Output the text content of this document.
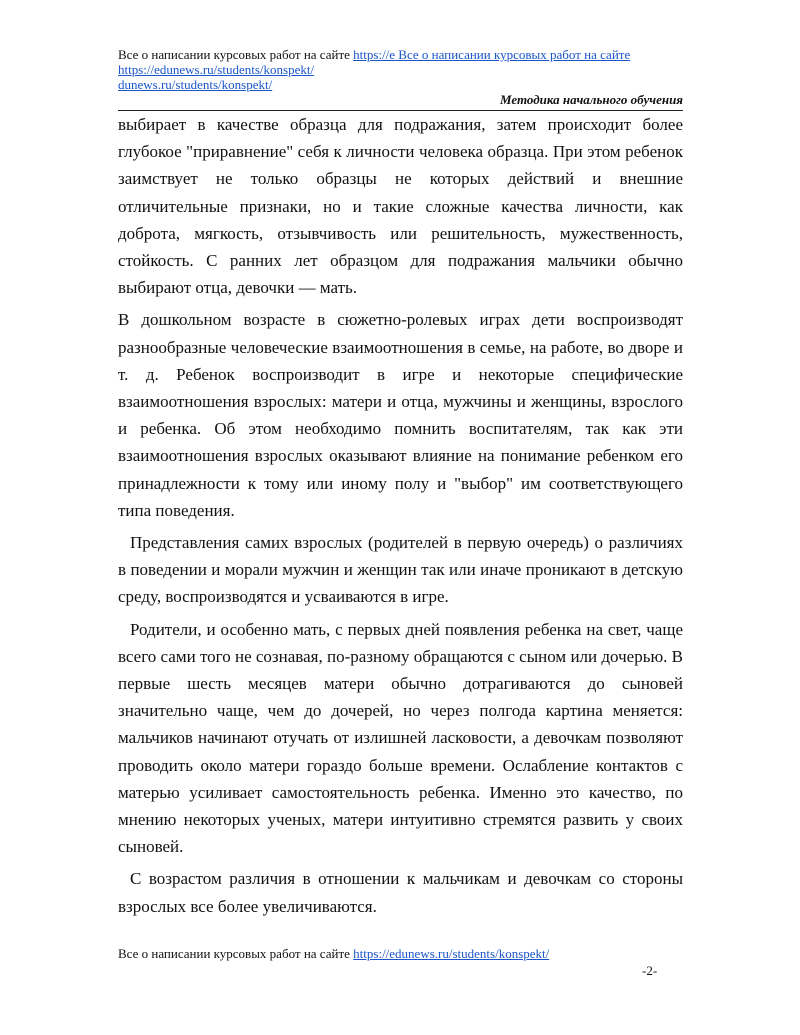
Все о написании курсовых работ на сайте https://e Все о написании курсовых работ на сайте
https://edunews.ru/students/konspekt/
dunews.ru/students/konspekt/
Методика начального обучения

выбирает в качестве образца для подражания, затем происходит более глубокое "приравнение" себя к личности человека образца. При этом ребенок заимствует не только образцы не которых действий и внешние отличительные признаки, но и такие сложные качества личности, как доброта, мягкость, отзывчивость или решительность, мужественность, стойкость. С ранних лет образцом для подражания мальчики обычно выбирают отца, девочки — мать.

В дошкольном возрасте в сюжетно-ролевых играх дети воспроизводят разнообразные человеческие взаимоотношения в семье, на работе, во дворе и т. д. Ребенок воспроизводит в игре и некоторые специфические взаимоотношения взрослых: матери и отца, мужчины и женщины, взрослого и ребенка. Об этом необходимо помнить воспитателям, так как эти взаимоотношения взрослых оказывают влияние на понимание ребенком его принадлежности к тому или иному полу и "выбор" им соответствующего типа поведения.

Представления самих взрослых (родителей в первую очередь) о различиях в поведении и морали мужчин и женщин так или иначе проникают в детскую среду, воспроизводятся и усваиваются в игре.

Родители, и особенно мать, с первых дней появления ребенка на свет, чаще всего сами того не сознавая, по-разному обращаются с сыном или дочерью. В первые шесть месяцев матери обычно дотрагиваются до сыновей значительно чаще, чем до дочерей, но через полгода картина меняется: мальчиков начинают отучать от излишней ласковости, а девочкам позволяют проводить около матери гораздо больше времени. Ослабление контактов с матерью усиливает самостоятельность ребенка. Именно это качество, по мнению некоторых ученых, матери интуитивно стремятся развить у своих сыновей.

С возрастом различия в отношении к мальчикам и девочкам со стороны взрослых все более увеличиваются.

Все о написании курсовых работ на сайте https://edunews.ru/students/konspekt/
-2-
